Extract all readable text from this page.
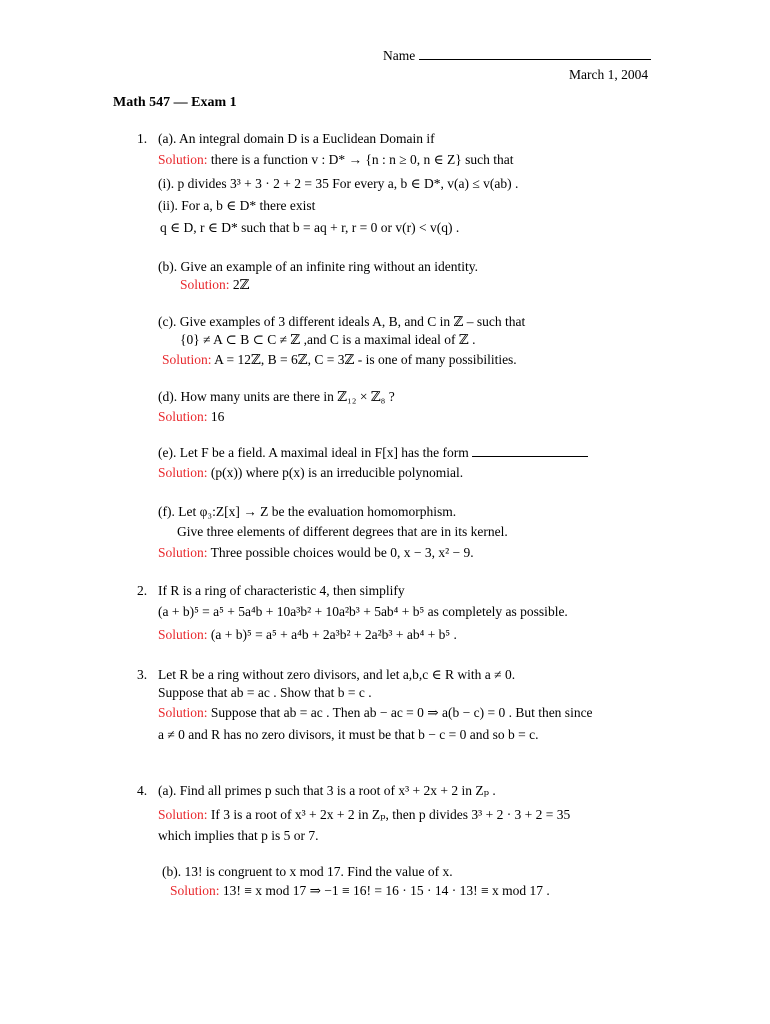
Name
March 1, 2004
Math 547 — Exam 1
1. (a). An integral domain D is a Euclidean Domain if
Solution: there is a function v : D* → {n : n ≥ 0, n ∈ Z} such that
(i). p divides 3³ + 3 · 2 + 2 = 35 For every a, b ∈ D*, v(a) ≤ v(ab) .
(ii). For a, b ∈ D* there exist
q ∈ D, r ∈ D* such that b = aq + r, r = 0 or v(r) < v(q) .
(b). Give an example of an infinite ring without an identity.
Solution: 2ℤ
(c). Give examples of 3 different ideals A, B, and C in ℤ – such that
{0} ≠ A ⊂ B ⊂ C ≠ ℤ ,and C is a maximal ideal of ℤ .
Solution: A = 12ℤ, B = 6ℤ, C = 3ℤ - is one of many possibilities.
(d). How many units are there in ℤ₁₂ × ℤ₈ ?
Solution: 16
(e). Let F be a field. A maximal ideal in F[x] has the form
Solution: (p(x)) where p(x) is an irreducible polynomial.
(f). Let φ₃:Z[x] → Z be the evaluation homomorphism.
Give three elements of different degrees that are in its kernel.
Solution: Three possible choices would be 0, x − 3, x² − 9.
2. If R is a ring of characteristic 4, then simplify
(a + b)⁵ = a⁵ + 5a⁴b + 10a³b² + 10a²b³ + 5ab⁴ + b⁵ as completely as possible.
Solution: (a + b)⁵ = a⁵ + a⁴b + 2a³b² + 2a²b³ + ab⁴ + b⁵ .
3. Let R be a ring without zero divisors, and let a,b,c ∈ R with a ≠ 0.
Suppose that ab = ac . Show that b = c .
Solution: Suppose that ab = ac . Then ab − ac = 0 ⇒ a(b − c) = 0 . But then since
a ≠ 0 and R has no zero divisors, it must be that b − c = 0 and so b = c.
4. (a). Find all primes p such that 3 is a root of x³ + 2x + 2 in Zₚ .
Solution: If 3 is a root of x³ + 2x + 2 in Zₚ, then p divides 3³ + 2 · 3 + 2 = 35
which implies that p is 5 or 7.
(b). 13! is congruent to x mod 17. Find the value of x.
Solution: 13! ≡ x mod 17 ⇒ −1 ≡ 16! = 16 · 15 · 14 · 13! ≡ x mod 17 .
